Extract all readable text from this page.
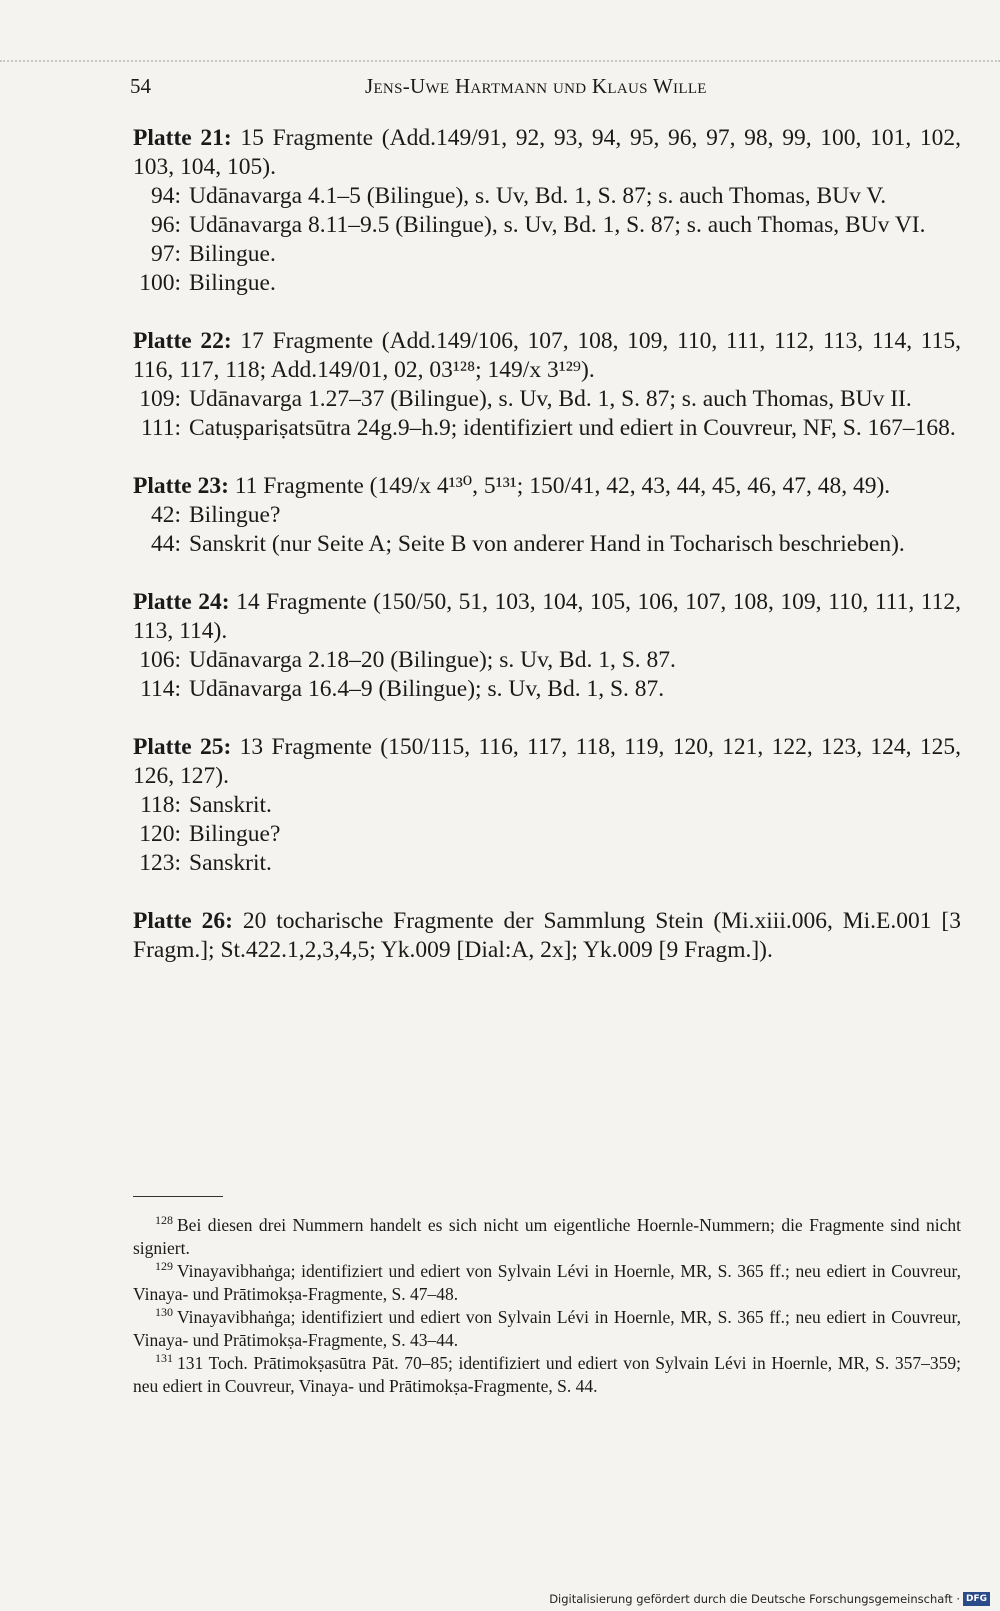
54	Jens-Uwe Hartmann und Klaus Wille
Platte 21: 15 Fragmente (Add.149/91, 92, 93, 94, 95, 96, 97, 98, 99, 100, 101, 102, 103, 104, 105).
94: Udānavarga 4.1–5 (Bilingue), s. Uv, Bd. 1, S. 87; s. auch Thomas, BUv V.
96: Udānavarga 8.11–9.5 (Bilingue), s. Uv, Bd. 1, S. 87; s. auch Thomas, BUv VI.
97: Bilingue.
100: Bilingue.
Platte 22: 17 Fragmente (Add.149/106, 107, 108, 109, 110, 111, 112, 113, 114, 115, 116, 117, 118; Add.149/01, 02, 03¹²⁸; 149/x 3¹²⁹).
109: Udānavarga 1.27–37 (Bilingue), s. Uv, Bd. 1, S. 87; s. auch Thomas, BUv II.
111: Catuṣpariṣatsūtra 24g.9–h.9; identifiziert und ediert in Couvreur, NF, S. 167–168.
Platte 23: 11 Fragmente (149/x 4¹³⁰, 5¹³¹; 150/41, 42, 43, 44, 45, 46, 47, 48, 49).
42: Bilingue?
44: Sanskrit (nur Seite A; Seite B von anderer Hand in Tocharisch beschrieben).
Platte 24: 14 Fragmente (150/50, 51, 103, 104, 105, 106, 107, 108, 109, 110, 111, 112, 113, 114).
106: Udānavarga 2.18–20 (Bilingue); s. Uv, Bd. 1, S. 87.
114: Udānavarga 16.4–9 (Bilingue); s. Uv, Bd. 1, S. 87.
Platte 25: 13 Fragmente (150/115, 116, 117, 118, 119, 120, 121, 122, 123, 124, 125, 126, 127).
118: Sanskrit.
120: Bilingue?
123: Sanskrit.
Platte 26: 20 tocharische Fragmente der Sammlung Stein (Mi.xiii.006, Mi.E.001 [3 Fragm.]; St.422.1,2,3,4,5; Yk.009 [Dial:A, 2x]; Yk.009 [9 Fragm.]).
$^{128}$ Bei diesen drei Nummern handelt es sich nicht um eigentliche Hoernle-Nummern; die Fragmente sind nicht signiert.
$^{129}$ Vinayavibhaṅga; identifiziert und ediert von Sylvain Lévi in Hoernle, MR, S. 365 ff.; neu ediert in Couvreur, Vinaya- und Prātimokṣa-Fragmente, S. 47–48.
$^{130}$ Vinayavibhaṅga; identifiziert und ediert von Sylvain Lévi in Hoernle, MR, S. 365 ff.; neu ediert in Couvreur, Vinaya- und Prātimokṣa-Fragmente, S. 43–44.
$^{131}$ 131 Toch. Prātimokṣasūtra Pāt. 70–85; identifiziert und ediert von Sylvain Lévi in Hoernle, MR, S. 357–359; neu ediert in Couvreur, Vinaya- und Prātimokṣa-Fragmente, S. 44.
Digitalisierung gefördert durch die Deutsche Forschungsgemeinschaft · DFG
